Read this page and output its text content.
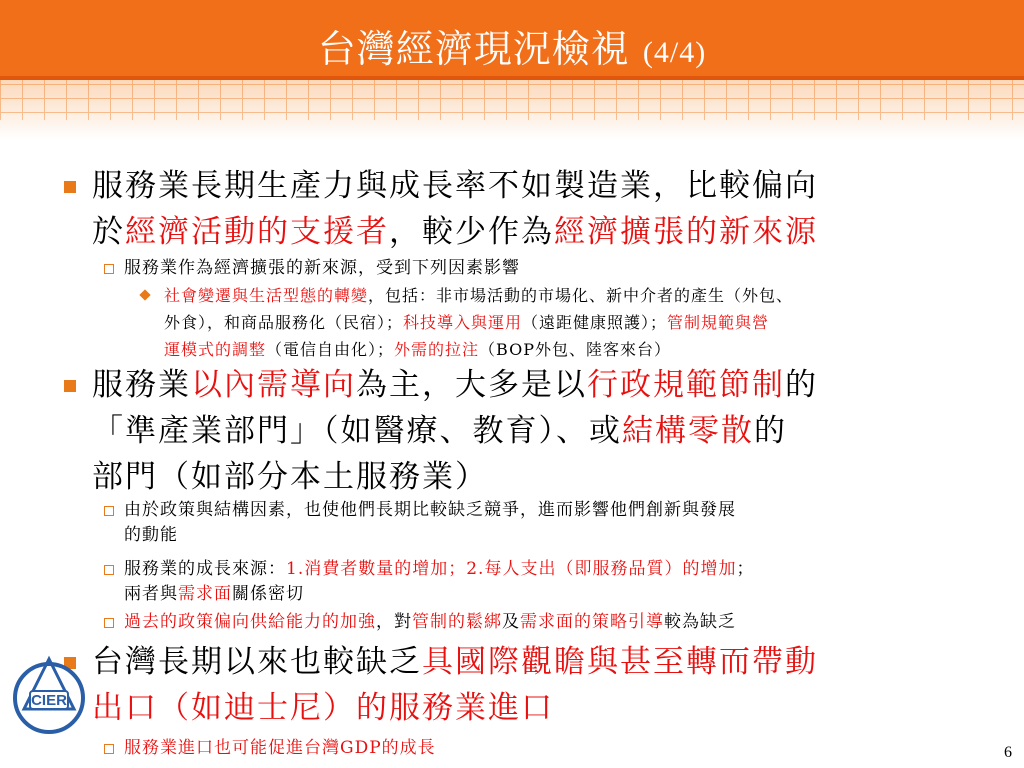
台灣經濟現況檢視 (4/4)
服務業長期生產力與成長率不如製造業，比較偏向
於經濟活動的支援者，較少作為經濟擴張的新來源
服務業作為經濟擴張的新來源，受到下列因素影響
社會變遷與生活型態的轉變，包括：非市場活動的市場化、新中介者的產生（外包、
外食），和商品服務化（民宿）；科技導入與運用（遠距健康照護）；管制規範與營
運模式的調整（電信自由化）；外需的拉注（BOP外包、陸客來台）
服務業以內需導向為主，大多是以行政規範節制的
「準產業部門」（如醫療、教育）、或結構零散的
部門（如部分本土服務業）
由於政策與結構因素，也使他們長期比較缺乏競爭，進而影響他們創新與發展
的動能
服務業的成長來源：1.消費者數量的增加；2.每人支出（即服務品質）的增加；
兩者與需求面關係密切
過去的政策偏向供給能力的加強，對管制的鬆綁及需求面的策略引導較為缺乏
台灣長期以來也較缺乏具國際觀瞻與甚至轉而帶動
出口（如迪士尼）的服務業進口
服務業進口也可能促進台灣GDP的成長
CIER
6
